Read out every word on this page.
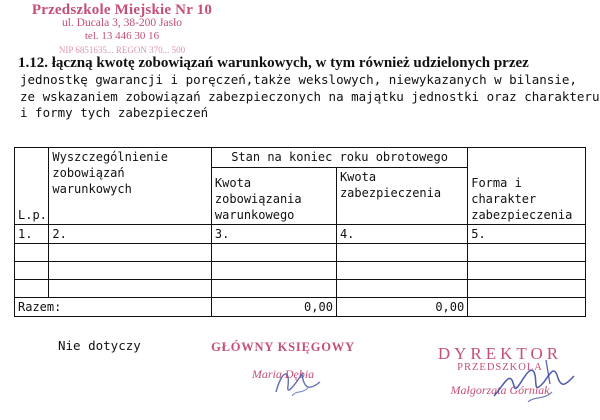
Przedszkole Miejskie Nr 10
ul. Ducala 3, 38-200 Jasło
tel. 13 446 30 16
NIP 6851635... REGON 370... 500
1.12. łączną kwotę zobowiązań warunkowych, w tym również udzielonych przez
jednostkę gwarancji i poręczeń,także wekslowych, niewykazanych w bilansie,
ze wskazaniem zobowiązań zabezpieczonych na majątku jednostki oraz charakteru
i formy tych zabezpieczeń
L.p.	Wyszczególnienie zobowiązań warunkowych	Stan na koniec roku obrotowego		Forma i charakter zabezpieczenia
		Kwota zobowiązania warunkowego	Kwota zabezpieczenia	
1.	2.	3.	4.	5.

Razem:		0,00	0,00	
Nie dotyczy	GŁÓWNY KSIĘGOWY
Maria Dębia
DYREKTOR
PRZEDSZKOLA
Małgorzata Górniak
